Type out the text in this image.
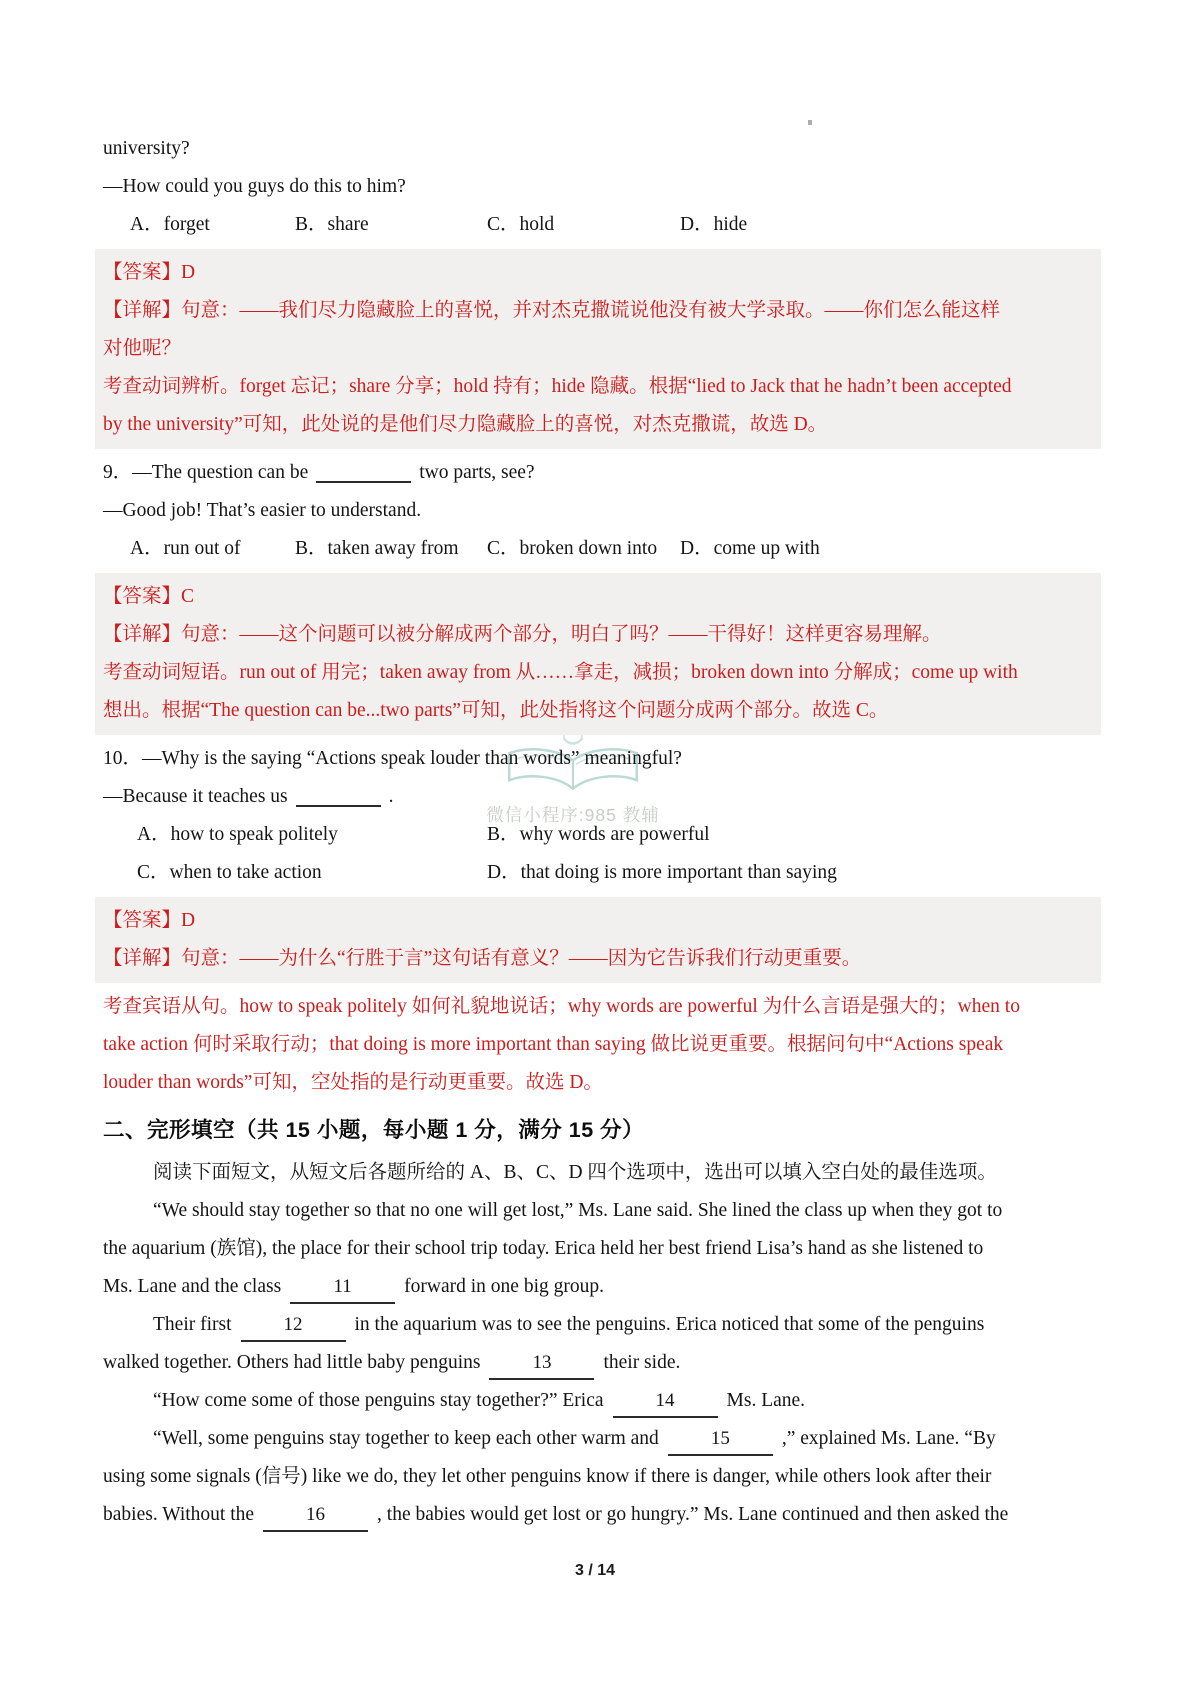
微信小程序:985 教辅
university?
—How could you guys do this to him?
A．forget	B．share	C．hold	D．hide
【答案】D
【详解】句意：——我们尽力隐藏脸上的喜悦，并对杰克撒谎说他没有被大学录取。——你们怎么能这样
对他呢？
考查动词辨析。forget 忘记；share 分享；hold 持有；hide 隐藏。根据“lied to Jack that he hadn’t been accepted
by the university”可知，此处说的是他们尽力隐藏脸上的喜悦，对杰克撒谎，故选 D。
9．—The question can be	two parts, see?
—Good job! That’s easier to understand.
A．run out of	B．taken away from	C．broken down into	D．come up with
【答案】C
【详解】句意：——这个问题可以被分解成两个部分，明白了吗？——干得好！这样更容易理解。
考查动词短语。run out of 用完；taken away from 从……拿走，减损；broken down into 分解成；come up with
想出。根据“The question can be...two parts”可知，此处指将这个问题分成两个部分。故选 C。
10．—Why is the saying “Actions speak louder than words” meaningful?
—Because it teaches us	.
A．how to speak politely	B．why words are powerful
C．when to take action	D．that doing is more important than saying
【答案】D
【详解】句意：——为什么“行胜于言”这句话有意义？——因为它告诉我们行动更重要。
考查宾语从句。how to speak politely 如何礼貌地说话；why words are powerful 为什么言语是强大的；when to
take action 何时采取行动；that doing is more important than saying 做比说更重要。根据问句中“Actions speak
louder than words”可知，空处指的是行动更重要。故选 D。
二、完形填空（共 15 小题，每小题 1 分，满分 15 分）
阅读下面短文，从短文后各题所给的 A、B、C、D 四个选项中，选出可以填入空白处的最佳选项。
“We should stay together so that no one will get lost,” Ms. Lane said. She lined the class up when they got to
the aquarium (族馆), the place for their school trip today. Erica held her best friend Lisa’s hand as she listened to
Ms. Lane and the class	11	forward in one big group.
Their first	12	in the aquarium was to see the penguins. Erica noticed that some of the penguins
walked together. Others had little baby penguins	13	their side.
“How come some of those penguins stay together?” Erica	14	Ms. Lane.
“Well, some penguins stay together to keep each other warm and	15	,” explained Ms. Lane. “By
using some signals (信号) like we do, they let other penguins know if there is danger, while others look after their
babies. Without the	16	, the babies would get lost or go hungry.” Ms. Lane continued and then asked the
3 / 14
